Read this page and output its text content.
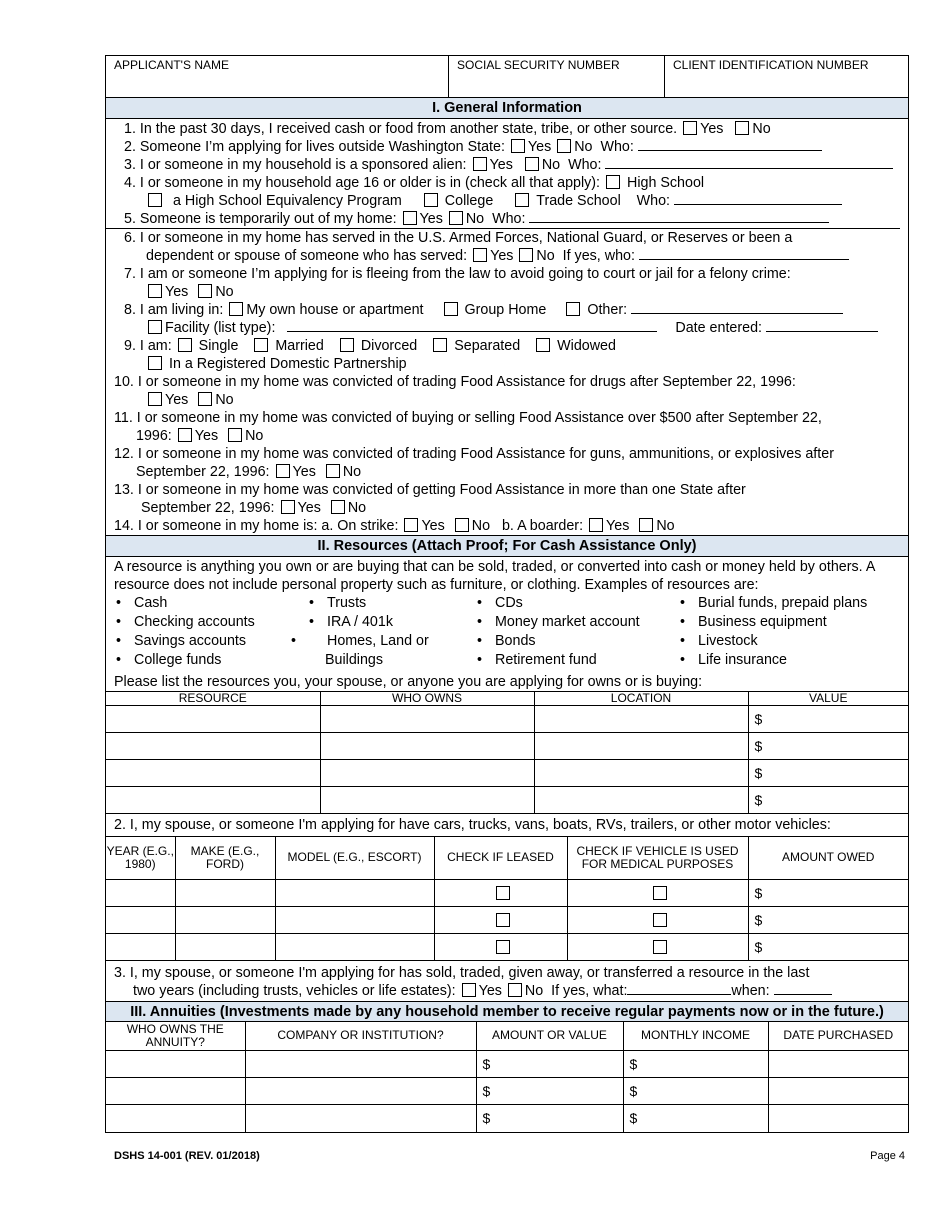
APPLICANT'S NAME	SOCIAL SECURITY NUMBER	CLIENT IDENTIFICATION NUMBER
I. General Information
1. In the past 30 days, I received cash or food from another state, tribe, or other source. Yes No
2. Someone I’m applying for lives outside Washington State: Yes No Who:
3. I or someone in my household is a sponsored alien: Yes No Who:
4. I or someone in my household age 16 or older is in (check all that apply): High School
a High School Equivalency Program	College	Trade School Who:
5. Someone is temporarily out of my home: Yes No Who:
6. I or someone in my home has served in the U.S. Armed Forces, National Guard, or Reserves or been a
dependent or spouse of someone who has served: Yes No If yes, who:
7. I am or someone I’m applying for is fleeing from the law to avoid going to court or jail for a felony crime:
Yes No
8. I am living in: My own house or apartment	Group Home	Other:
Facility (list type):	Date entered:
9. I am: Single	Married	Divorced	Separated	Widowed
In a Registered Domestic Partnership
10. I or someone in my home was convicted of trading Food Assistance for drugs after September 22, 1996:
Yes No
11. I or someone in my home was convicted of buying or selling Food Assistance over $500 after September 22,
1996: Yes No
12. I or someone in my home was convicted of trading Food Assistance for guns, ammunitions, or explosives after
September 22, 1996: Yes No
13. I or someone in my home was convicted of getting Food Assistance in more than one State after
September 22, 1996: Yes No
14. I or someone in my home is: a. On strike: Yes No b. A boarder: Yes No
II. Resources (Attach Proof; For Cash Assistance Only)
A resource is anything you own or are buying that can be sold, traded, or converted into cash or money held by others. A resource does not include personal property such as furniture, or clothing. Examples of resources are:
• Cash
• Checking accounts
• Savings accounts
• College funds
• Trusts
• IRA / 401k
• Homes, Land or Buildings
• CDs
• Money market account
• Bonds
• Retirement fund
• Burial funds, prepaid plans
• Business equipment
• Livestock
• Life insurance
Please list the resources you, your spouse, or anyone you are applying for owns or is buying:
RESOURCE	WHO OWNS	LOCATION	VALUE
			$
			$
			$
			$
2. I, my spouse, or someone I'm applying for have cars, trucks, vans, boats, RVs, trailers, or other motor vehicles:
YEAR (E.G., 1980)	MAKE (E.G., FORD)	MODEL (E.G., ESCORT)	CHECK IF LEASED	CHECK IF VEHICLE IS USED FOR MEDICAL PURPOSES	AMOUNT OWED
					$
					$
					$
3. I, my spouse, or someone I'm applying for has sold, traded, given away, or transferred a resource in the last
two years (including trusts, vehicles or life estates): Yes No If yes, what:	when:
III. Annuities (Investments made by any household member to receive regular payments now or in the future.)
WHO OWNS THE ANNUITY?	COMPANY OR INSTITUTION?	AMOUNT OR VALUE	MONTHLY INCOME	DATE PURCHASED
		$	$	
		$	$	
		$	$	
DSHS 14-001 (REV. 01/2018)	Page 4
